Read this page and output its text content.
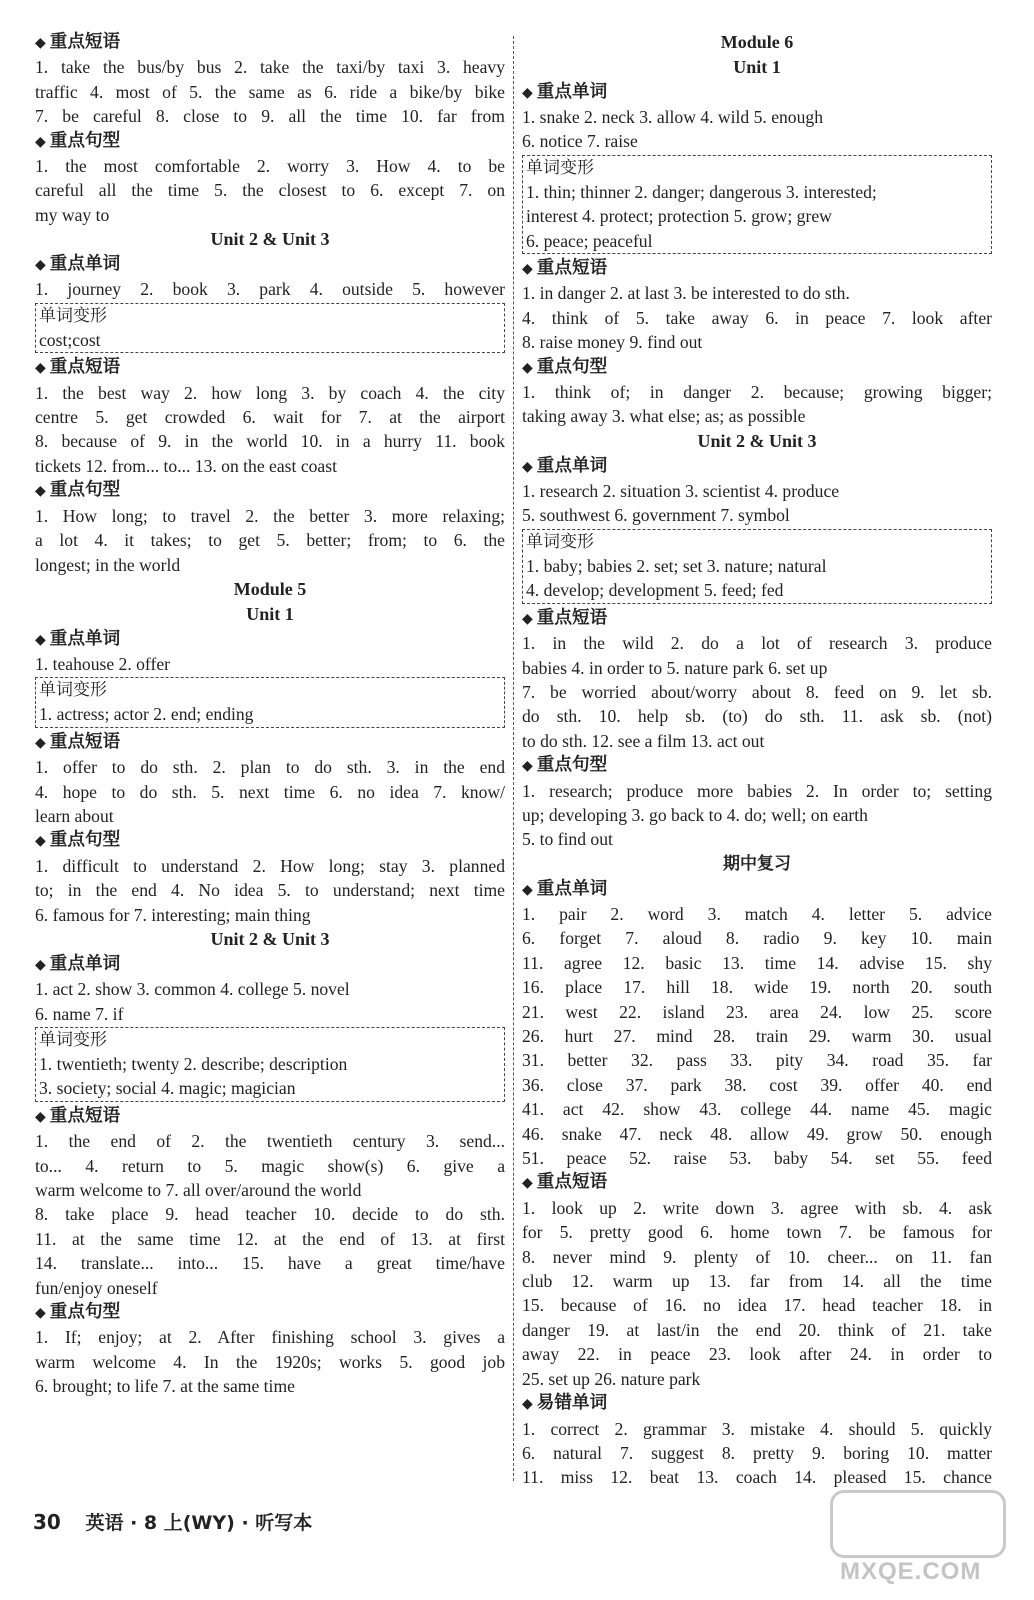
◆ 重点短语
1. take the bus/by bus 2. take the taxi/by taxi 3. heavy
traffic 4. most of 5. the same as 6. ride a bike/by bike
7. be careful 8. close to 9. all the time 10. far from
◆ 重点句型
1. the most comfortable 2. worry 3. How 4. to be
careful all the time 5. the closest to 6. except 7. on
my way to
Unit 2 & Unit 3
◆ 重点单词
1. journey 2. book 3. park 4. outside 5. however
单词变形
cost;cost
◆ 重点短语
1. the best way 2. how long 3. by coach 4. the city
centre 5. get crowded 6. wait for 7. at the airport
8. because of 9. in the world 10. in a hurry 11. book
tickets 12. from... to... 13. on the east coast
◆ 重点句型
1. How long; to travel 2. the better 3. more relaxing;
a lot 4. it takes; to get 5. better; from; to 6. the
longest; in the world
Module 5
Unit 1
◆ 重点单词
1. teahouse 2. offer
单词变形
1. actress; actor 2. end; ending
◆ 重点短语
1. offer to do sth. 2. plan to do sth. 3. in the end
4. hope to do sth. 5. next time 6. no idea 7. know/
learn about
◆ 重点句型
1. difficult to understand 2. How long; stay 3. planned
to; in the end 4. No idea 5. to understand; next time
6. famous for 7. interesting; main thing
Unit 2 & Unit 3
◆ 重点单词
1. act 2. show 3. common 4. college 5. novel
6. name 7. if
单词变形
1. twentieth; twenty 2. describe; description
3. society; social 4. magic; magician
◆ 重点短语
1. the end of 2. the twentieth century 3. send...
to... 4. return to 5. magic show(s) 6. give a
warm welcome to 7. all over/around the world
8. take place 9. head teacher 10. decide to do sth.
11. at the same time 12. at the end of 13. at first
14. translate... into... 15. have a great time/have
fun/enjoy oneself
◆ 重点句型
1. If; enjoy; at 2. After finishing school 3. gives a
warm welcome 4. In the 1920s; works 5. good job
6. brought; to life 7. at the same time
Module 6
Unit 1
◆ 重点单词
1. snake 2. neck 3. allow 4. wild 5. enough
6. notice 7. raise
单词变形
1. thin; thinner 2. danger; dangerous 3. interested;
interest 4. protect; protection 5. grow; grew
6. peace; peaceful
◆ 重点短语
1. in danger 2. at last 3. be interested to do sth.
4. think of 5. take away 6. in peace 7. look after
8. raise money 9. find out
◆ 重点句型
1. think of; in danger 2. because; growing bigger;
taking away 3. what else; as; as possible
Unit 2 & Unit 3
◆ 重点单词
1. research 2. situation 3. scientist 4. produce
5. southwest 6. government 7. symbol
单词变形
1. baby; babies 2. set; set 3. nature; natural
4. develop; development 5. feed; fed
◆ 重点短语
1. in the wild 2. do a lot of research 3. produce
babies 4. in order to 5. nature park 6. set up
7. be worried about/worry about 8. feed on 9. let sb.
do sth. 10. help sb. (to) do sth. 11. ask sb. (not)
to do sth. 12. see a film 13. act out
◆ 重点句型
1. research; produce more babies 2. In order to; setting
up; developing 3. go back to 4. do; well; on earth
5. to find out
期中复习
◆ 重点单词
1. pair 2. word 3. match 4. letter 5. advice
6. forget 7. aloud 8. radio 9. key 10. main
11. agree 12. basic 13. time 14. advise 15. shy
16. place 17. hill 18. wide 19. north 20. south
21. west 22. island 23. area 24. low 25. score
26. hurt 27. mind 28. train 29. warm 30. usual
31. better 32. pass 33. pity 34. road 35. far
36. close 37. park 38. cost 39. offer 40. end
41. act 42. show 43. college 44. name 45. magic
46. snake 47. neck 48. allow 49. grow 50. enough
51. peace 52. raise 53. baby 54. set 55. feed
◆ 重点短语
1. look up 2. write down 3. agree with sb. 4. ask
for 5. pretty good 6. home town 7. be famous for
8. never mind 9. plenty of 10. cheer... on 11. fan
club 12. warm up 13. far from 14. all the time
15. because of 16. no idea 17. head teacher 18. in
danger 19. at last/in the end 20. think of 21. take
away 22. in peace 23. look after 24. in order to
25. set up 26. nature park
◆ 易错单词
1. correct 2. grammar 3. mistake 4. should 5. quickly
6. natural 7. suggest 8. pretty 9. boring 10. matter
11. miss 12. beat 13. coach 14. pleased 15. chance
30 英语 · 8 上(WY) · 听写本
MXQE.COM
